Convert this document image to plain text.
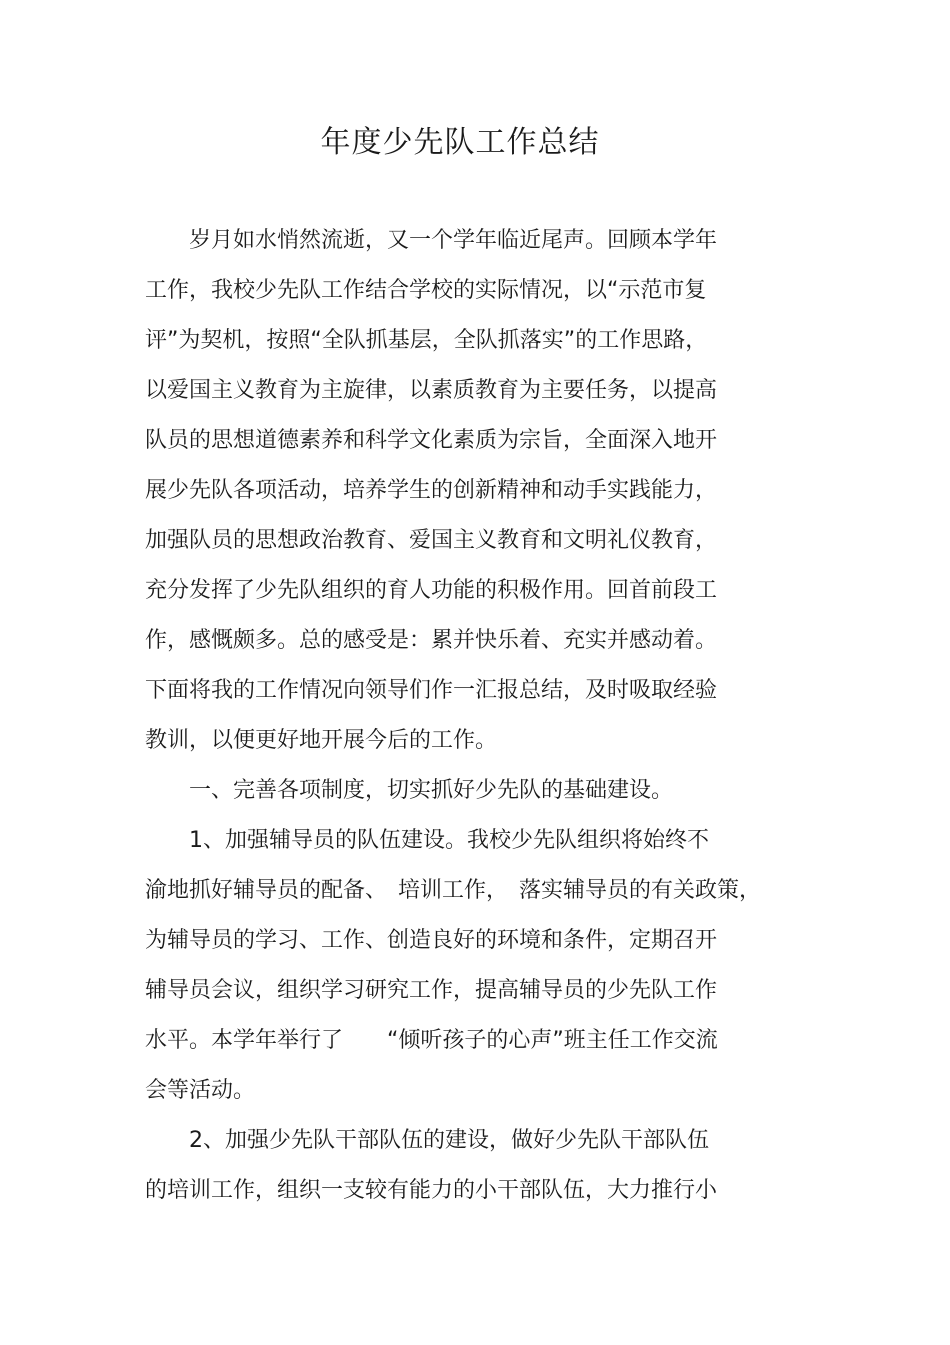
年度少先队工作总结
　　岁月如水悄然流逝，又一个学年临近尾声。回顾本学年
工作，我校少先队工作结合学校的实际情况，以“示范市复
评”为契机，按照“全队抓基层，全队抓落实”的工作思路，
以爱国主义教育为主旋律，以素质教育为主要任务，以提高
队员的思想道德素养和科学文化素质为宗旨，全面深入地开
展少先队各项活动，培养学生的创新精神和动手实践能力，
加强队员的思想政治教育、爱国主义教育和文明礼仪教育，
充分发挥了少先队组织的育人功能的积极作用。回首前段工
作，感慨颇多。总的感受是：累并快乐着、充实并感动着。
下面将我的工作情况向领导们作一汇报总结，及时吸取经验
教训，以便更好地开展今后的工作。
　　一、完善各项制度，切实抓好少先队的基础建设。
　　1、加强辅导员的队伍建设。我校少先队组织将始终不
渝地抓好辅导员的配备、　培训工作，　落实辅导员的有关政策，
为辅导员的学习、工作、创造良好的环境和条件，定期召开
辅导员会议，组织学习研究工作，提高辅导员的少先队工作
水平。本学年举行了　　“倾听孩子的心声”班主任工作交流
会等活动。
　　2、加强少先队干部队伍的建设，做好少先队干部队伍
的培训工作，组织一支较有能力的小干部队伍，大力推行小
